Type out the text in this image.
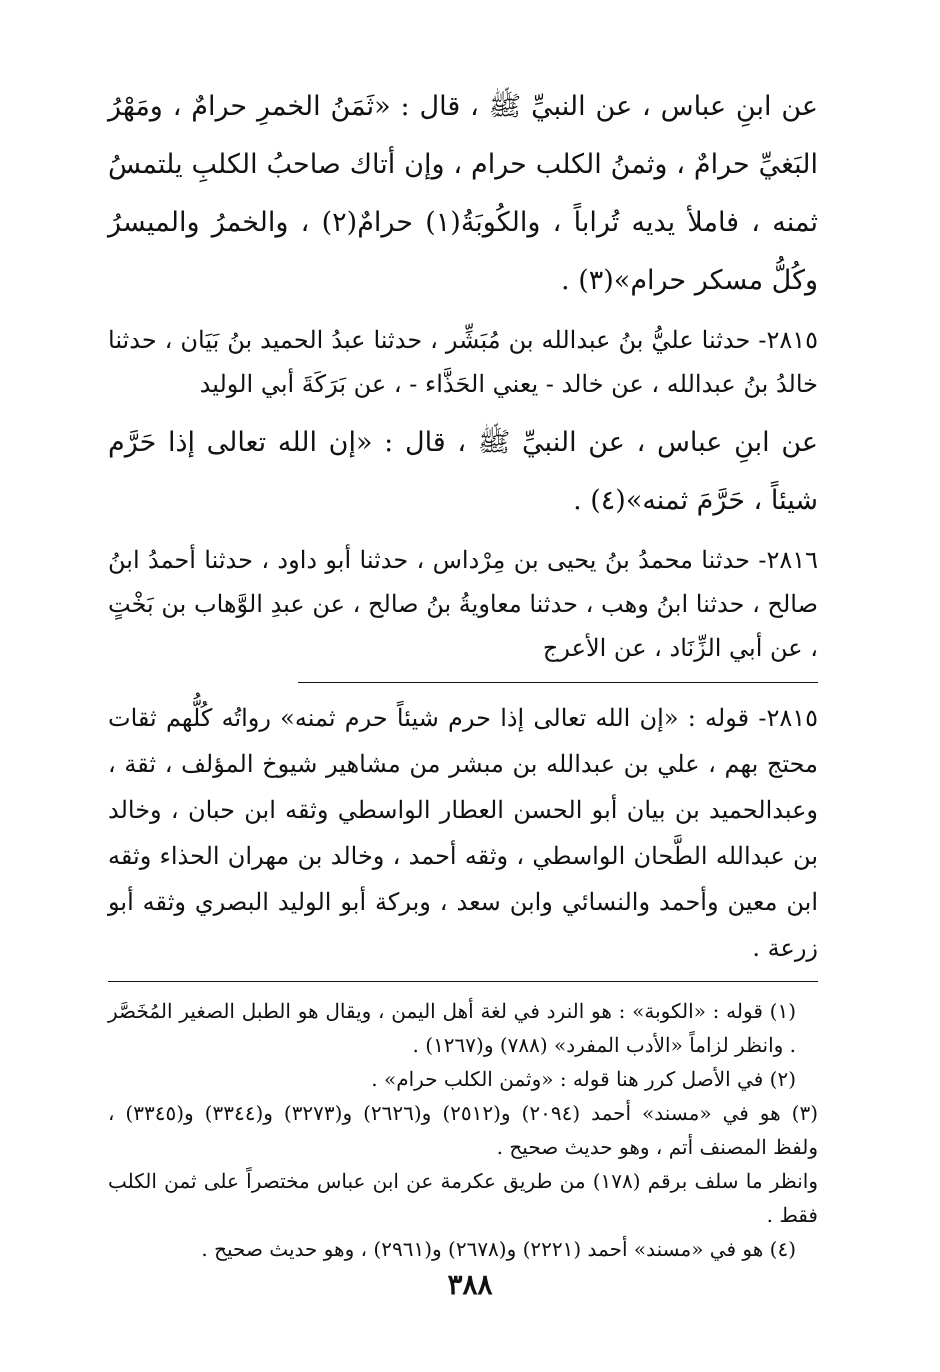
عن ابنِ عباس ، عن النبيِّ ﷺ ، قال : «ثَمَنُ الخمرِ حرامٌ ، ومَهْرُ البَغيِّ حرامٌ ، وثمنُ الكلب حرام ، وإن أتاك صاحبُ الكلبِ يلتمسُ ثمنه ، فاملأ يديه تُراباً ، والكُوبَةُ(١) حرامٌ(٢) ، والخمرُ والميسرُ وكُلُّ مسكر حرام»(٣) .

٢٨١٥- حدثنا عليُّ بنُ عبدالله بن مُبَشِّر ، حدثنا عبدُ الحميد بنُ بَيَان ، حدثنا خالدُ بنُ عبدالله ، عن خالد - يعني الحَذَّاء - ، عن بَرَكَةَ أبي الوليد

عن ابنِ عباس ، عن النبيِّ ﷺ ، قال : «إن الله تعالى إذا حَرَّم شيئاً ، حَرَّمَ ثمنه»(٤) .

٢٨١٦- حدثنا محمدُ بنُ يحيى بن مِرْداس ، حدثنا أبو داود ، حدثنا أحمدُ ابنُ صالح ، حدثنا ابنُ وهب ، حدثنا معاويةُ بنُ صالح ، عن عبدِ الوَّهاب بن بَخْتٍ ، عن أبي الزِّنَاد ، عن الأعرج

٢٨١٥- قوله : «إن الله تعالى إذا حرم شيئاً حرم ثمنه» رواتُه كُلُّهم ثقات محتج بهم ، علي بن عبدالله بن مبشر من مشاهير شيوخ المؤلف ، ثقة ، وعبدالحميد بن بيان أبو الحسن العطار الواسطي وثقه ابن حبان ، وخالد بن عبدالله الطَّحان الواسطي ، وثقه أحمد ، وخالد بن مهران الحذاء وثقه ابن معين وأحمد والنسائي وابن سعد ، وبركة أبو الوليد البصري وثقه أبو زرعة .

(١) قوله : «الكوبة» : هو النرد في لغة أهل اليمن ، ويقال هو الطبل الصغير المُخَصَّر . وانظر لزاماً «الأدب المفرد» (٧٨٨) و(١٢٦٧) .

(٢) في الأصل كرر هنا قوله : «وثمن الكلب حرام» .

(٣) هو في «مسند» أحمد (٢٠٩٤) و(٢٥١٢) و(٢٦٢٦) و(٣٢٧٣) و(٣٣٤٤) و(٣٣٤٥) ، ولفظ المصنف أتم ، وهو حديث صحيح .

وانظر ما سلف برقم (١٧٨) من طريق عكرمة عن ابن عباس مختصراً على ثمن الكلب فقط .

(٤) هو في «مسند» أحمد (٢٢٢١) و(٢٦٧٨) و(٢٩٦١) ، وهو حديث صحيح .

٣٨٨
